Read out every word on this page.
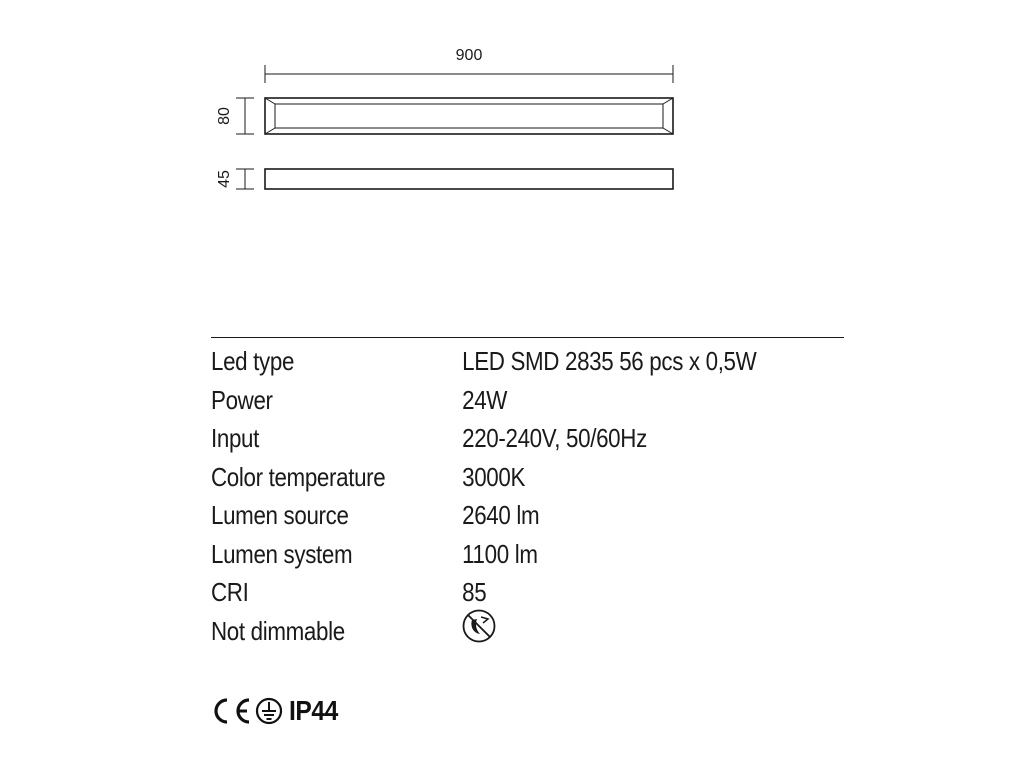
900
80
45
Led type	LED SMD 2835 56 pcs x 0,5W
Power	24W
Input	220-240V, 50/60Hz
Color temperature	3000K
Lumen source	2640 lm
Lumen system	1100 lm
CRI	85
Not dimmable
IP44
